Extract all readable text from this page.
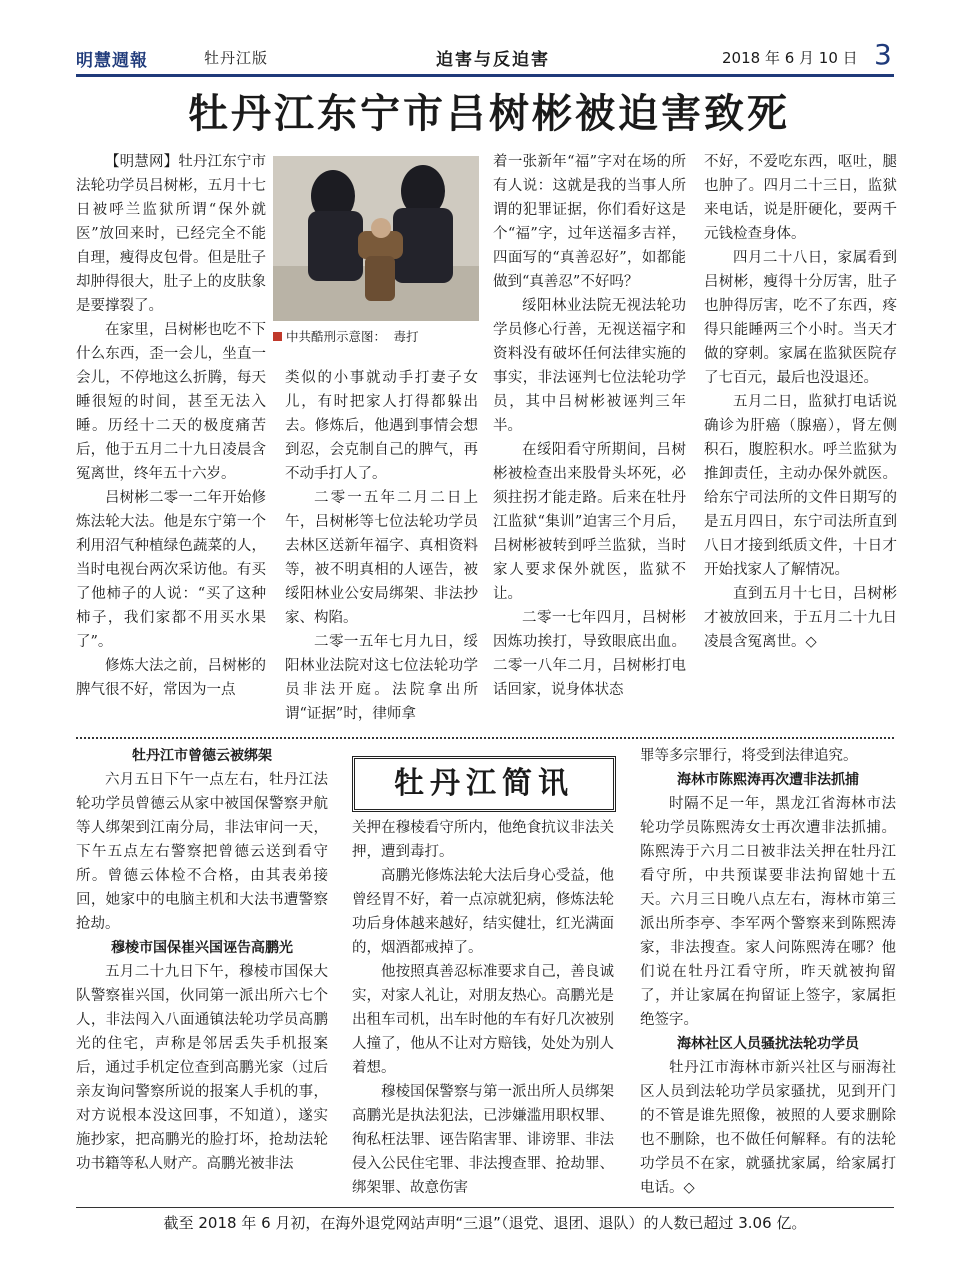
明慧週報	牡丹江版	迫害与反迫害	2018 年 6 月 10 日 3
牡丹江东宁市吕树彬被迫害致死

【明慧网】牡丹江东宁市法轮功学员吕树彬，五月十七日被呼兰监狱所谓“保外就医”放回来时，已经完全不能自理，瘦得皮包骨。但是肚子却肿得很大，肚子上的皮肤象是要撑裂了。

在家里，吕树彬也吃不下什么东西，歪一会儿，坐直一会儿，不停地这么折腾，每天睡很短的时间，甚至无法入睡。历经十二天的极度痛苦后，他于五月二十九日凌晨含冤离世，终年五十六岁。

吕树彬二零一二年开始修炼法轮大法。他是东宁第一个利用沼气种植绿色蔬菜的人，当时电视台两次采访他。有买了他柿子的人说：“买了这种柿子，我们家都不用买水果了”。

修炼大法之前，吕树彬的脾气很不好，常因为一点

中共酷刑示意图： 毒打

类似的小事就动手打妻子女儿，有时把家人打得都躲出去。修炼后，他遇到事情会想到忍，会克制自己的脾气，再不动手打人了。

二零一五年二月二日上午，吕树彬等七位法轮功学员去林区送新年福字、真相资料等，被不明真相的人诬告，被绥阳林业公安局绑架、非法抄家、构陷。

二零一五年七月九日，绥阳林业法院对这七位法轮功学员非法开庭。法院拿出所谓“证据”时，律师拿

着一张新年“福”字对在场的所有人说：这就是我的当事人所谓的犯罪证据，你们看好这是个“福”字，过年送福多吉祥，四面写的“真善忍好”，如都能做到“真善忍”不好吗？

绥阳林业法院无视法轮功学员修心行善，无视送福字和资料没有破坏任何法律实施的事实，非法诬判七位法轮功学员，其中吕树彬被诬判三年半。

在绥阳看守所期间，吕树彬被检查出来股骨头坏死，必须拄拐才能走路。后来在牡丹江监狱“集训”迫害三个月后，吕树彬被转到呼兰监狱，当时家人要求保外就医，监狱不让。

二零一七年四月，吕树彬因炼功挨打，导致眼底出血。二零一八年二月，吕树彬打电话回家，说身体状态

不好，不爱吃东西，呕吐，腿也肿了。四月二十三日，监狱来电话，说是肝硬化，要两千元钱检查身体。

四月二十八日，家属看到吕树彬，瘦得十分厉害，肚子也肿得厉害，吃不了东西，疼得只能睡两三个小时。当天才做的穿刺。家属在监狱医院存了七百元，最后也没退还。

五月二日，监狱打电话说确诊为肝癌（腺癌），肾左侧积石，腹腔积水。呼兰监狱为推卸责任，主动办保外就医。给东宁司法所的文件日期写的是五月四日，东宁司法所直到八日才接到纸质文件，十日才开始找家人了解情况。

直到五月十七日，吕树彬才被放回来，于五月二十九日凌晨含冤离世。◇

牡丹江市曾德云被绑架

六月五日下午一点左右，牡丹江法轮功学员曾德云从家中被国保警察尹航等人绑架到江南分局，非法审问一天，下午五点左右警察把曾德云送到看守所。曾德云体检不合格，由其表弟接回，她家中的电脑主机和大法书遭警察抢劫。

穆棱市国保崔兴国诬告高鹏光

五月二十九日下午，穆棱市国保大队警察崔兴国，伙同第一派出所六七个人，非法闯入八面通镇法轮功学员高鹏光的住宅，声称是邻居丢失手机报案后，通过手机定位查到高鹏光家（过后亲友询问警察所说的报案人手机的事，对方说根本没这回事，不知道），遂实施抄家，把高鹏光的脸打坏，抢劫法轮功书籍等私人财产。高鹏光被非法

牡丹江简讯

关押在穆棱看守所内，他绝食抗议非法关押，遭到毒打。

高鹏光修炼法轮大法后身心受益，他曾经胃不好，着一点凉就犯病，修炼法轮功后身体越来越好，结实健壮，红光满面的，烟酒都戒掉了。

他按照真善忍标准要求自己，善良诚实，对家人礼让，对朋友热心。高鹏光是出租车司机，出车时他的车有好几次被别人撞了，他从不让对方赔钱，处处为别人着想。

穆棱国保警察与第一派出所人员绑架高鹏光是执法犯法，已涉嫌滥用职权罪、徇私枉法罪、诬告陷害罪、诽谤罪、非法侵入公民住宅罪、非法搜查罪、抢劫罪、绑架罪、故意伤害

罪等多宗罪行，将受到法律追究。

海林市陈熙涛再次遭非法抓捕

时隔不足一年，黑龙江省海林市法轮功学员陈熙涛女士再次遭非法抓捕。陈熙涛于六月二日被非法关押在牡丹江看守所，中共预谋要非法拘留她十五天。六月三日晚八点左右，海林市第三派出所李亭、李军两个警察来到陈熙涛家，非法搜查。家人问陈熙涛在哪？他们说在牡丹江看守所，昨天就被拘留了，并让家属在拘留证上签字，家属拒绝签字。

海林社区人员骚扰法轮功学员

牡丹江市海林市新兴社区与丽海社区人员到法轮功学员家骚扰，见到开门的不管是谁先照像，被照的人要求删除也不删除，也不做任何解释。有的法轮功学员不在家，就骚扰家属，给家属打电话。◇

截至 2018 年 6 月初，在海外退党网站声明“三退”（退党、退团、退队）的人数已超过 3.06 亿。
